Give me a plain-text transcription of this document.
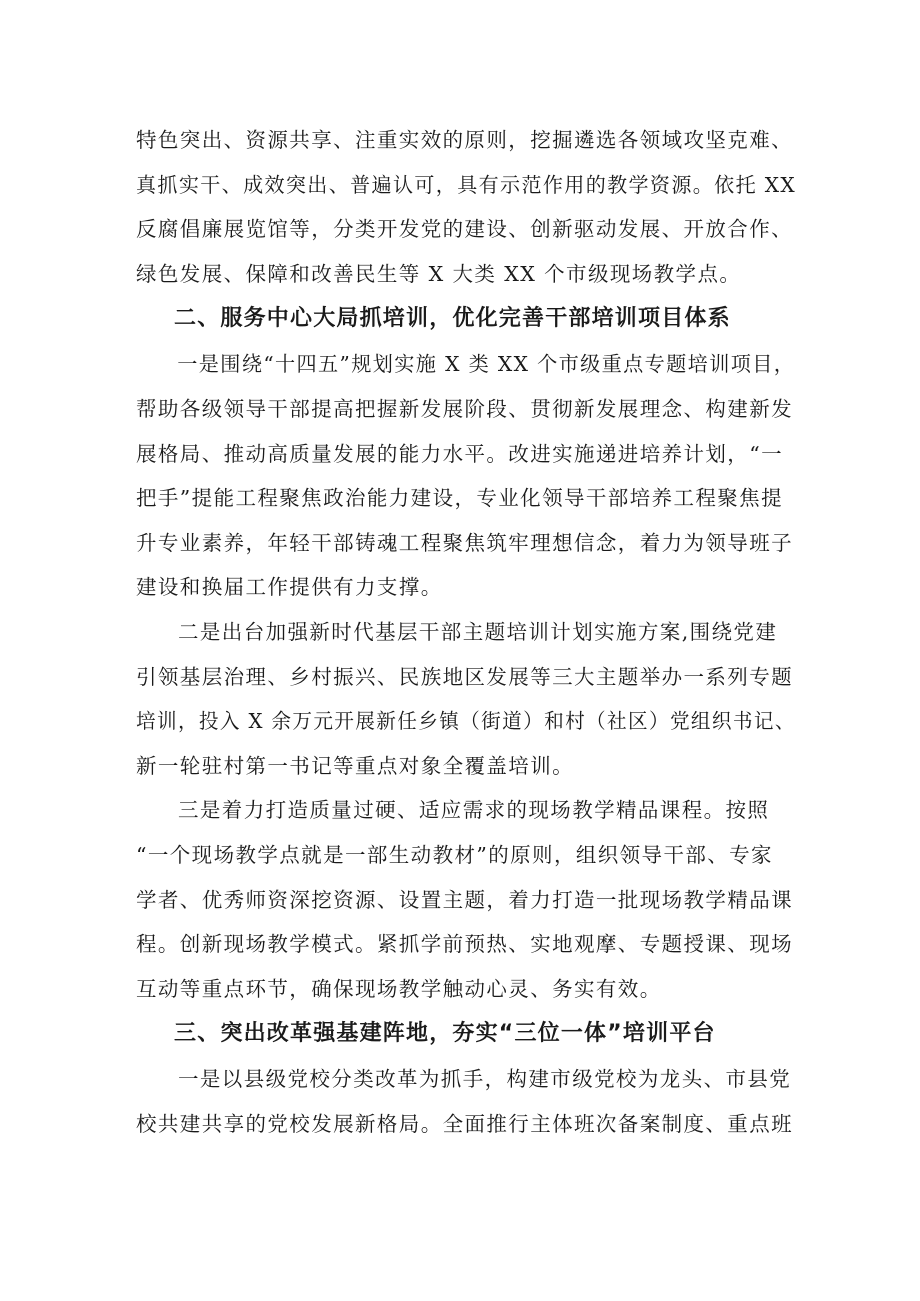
特色突出、资源共享、注重实效的原则，挖掘遴选各领域攻坚克难、
真抓实干、成效突出、普遍认可，具有示范作用的教学资源。依托 XX
反腐倡廉展览馆等，分类开发党的建设、创新驱动发展、开放合作、
绿色发展、保障和改善民生等 X 大类 XX 个市级现场教学点。

二、服务中心大局抓培训，优化完善干部培训项目体系

一是围绕“十四五”规划实施 X 类 XX 个市级重点专题培训项目，
帮助各级领导干部提高把握新发展阶段、贯彻新发展理念、构建新发
展格局、推动高质量发展的能力水平。改进实施递进培养计划，“一
把手”提能工程聚焦政治能力建设，专业化领导干部培养工程聚焦提
升专业素养，年轻干部铸魂工程聚焦筑牢理想信念，着力为领导班子
建设和换届工作提供有力支撑。

二是出台加强新时代基层干部主题培训计划实施方案,围绕党建
引领基层治理、乡村振兴、民族地区发展等三大主题举办一系列专题
培训，投入 X 余万元开展新任乡镇（街道）和村（社区）党组织书记、
新一轮驻村第一书记等重点对象全覆盖培训。

三是着力打造质量过硬、适应需求的现场教学精品课程。按照
“一个现场教学点就是一部生动教材”的原则，组织领导干部、专家
学者、优秀师资深挖资源、设置主题，着力打造一批现场教学精品课
程。创新现场教学模式。紧抓学前预热、实地观摩、专题授课、现场
互动等重点环节，确保现场教学触动心灵、务实有效。

三、突出改革强基建阵地，夯实“三位一体”培训平台

一是以县级党校分类改革为抓手，构建市级党校为龙头、市县党
校共建共享的党校发展新格局。全面推行主体班次备案制度、重点班
